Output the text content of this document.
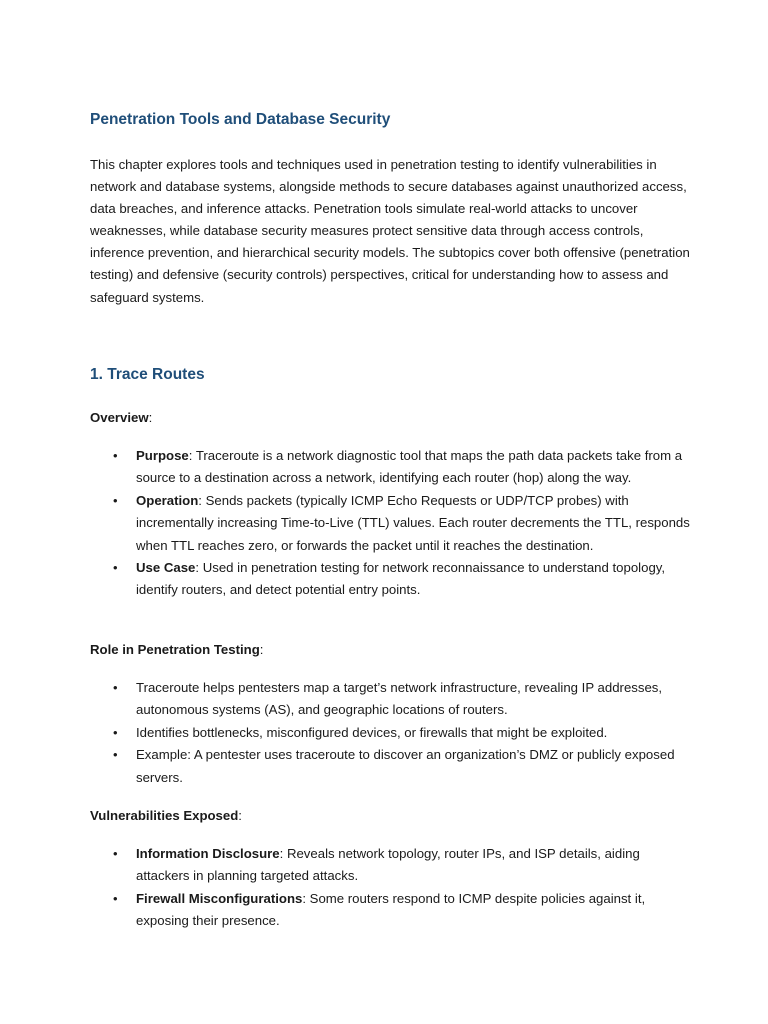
Penetration Tools and Database Security

This chapter explores tools and techniques used in penetration testing to identify vulnerabilities in network and database systems, alongside methods to secure databases against unauthorized access, data breaches, and inference attacks. Penetration tools simulate real-world attacks to uncover weaknesses, while database security measures protect sensitive data through access controls, inference prevention, and hierarchical security models. The subtopics cover both offensive (penetration testing) and defensive (security controls) perspectives, critical for understanding how to assess and safeguard systems.

1. Trace Routes

Overview:

• Purpose: Traceroute is a network diagnostic tool that maps the path data packets take from a source to a destination across a network, identifying each router (hop) along the way.
• Operation: Sends packets (typically ICMP Echo Requests or UDP/TCP probes) with incrementally increasing Time-to-Live (TTL) values. Each router decrements the TTL, responds when TTL reaches zero, or forwards the packet until it reaches the destination.
• Use Case: Used in penetration testing for network reconnaissance to understand topology, identify routers, and detect potential entry points.

Role in Penetration Testing:

• Traceroute helps pentesters map a target’s network infrastructure, revealing IP addresses, autonomous systems (AS), and geographic locations of routers.
• Identifies bottlenecks, misconfigured devices, or firewalls that might be exploited.
• Example: A pentester uses traceroute to discover an organization’s DMZ or publicly exposed servers.

Vulnerabilities Exposed:

• Information Disclosure: Reveals network topology, router IPs, and ISP details, aiding attackers in planning targeted attacks.
• Firewall Misconfigurations: Some routers respond to ICMP despite policies against it, exposing their presence.
